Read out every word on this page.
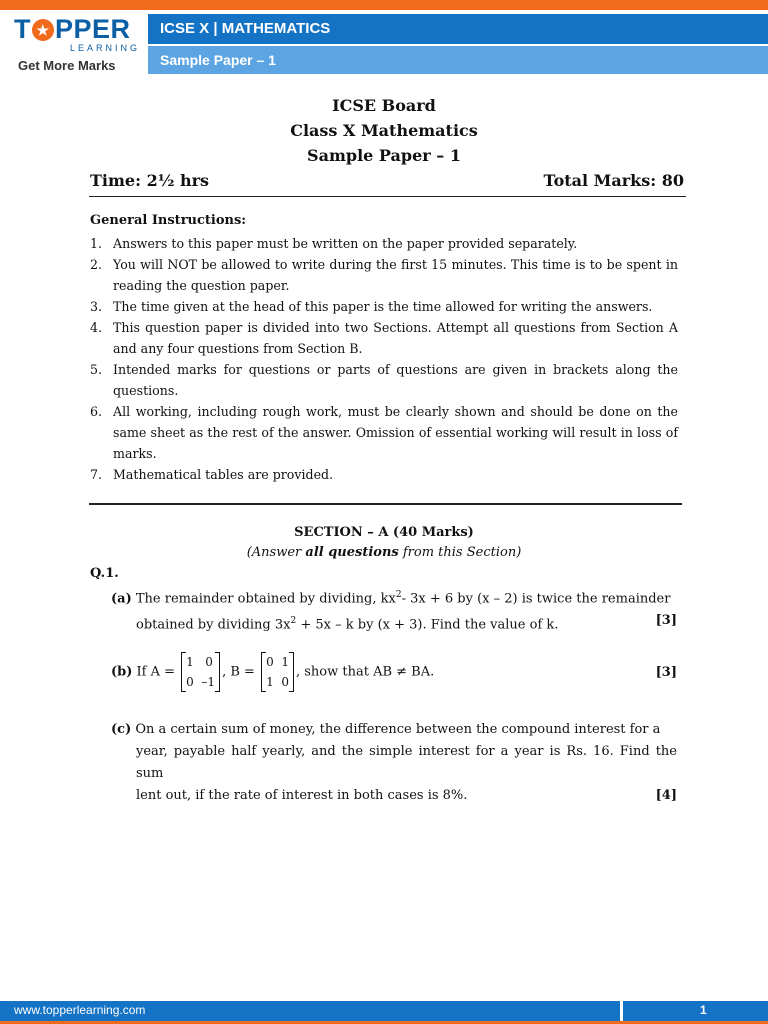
T ★ PPER
LEARNING
Get More Marks
ICSE X | MATHEMATICS
Sample Paper – 1
ICSE Board
Class X Mathematics
Sample Paper – 1
Time: 2½ hrs	Total Marks: 80
General Instructions:
1. Answers to this paper must be written on the paper provided separately.
2. You will NOT be allowed to write during the first 15 minutes. This time is to be spent in reading the question paper.
3. The time given at the head of this paper is the time allowed for writing the answers.
4. This question paper is divided into two Sections. Attempt all questions from Section A and any four questions from Section B.
5. Intended marks for questions or parts of questions are given in brackets along the questions.
6. All working, including rough work, must be clearly shown and should be done on the same sheet as the rest of the answer. Omission of essential working will result in loss of marks.
7. Mathematical tables are provided.
SECTION – A (40 Marks)
(Answer all questions from this Section)
Q.1.
(a) The remainder obtained by dividing, $kx^2-$ 3x + 6 by (x – 2) is twice the remainder
obtained by dividing $3x^2 + 5x - k$ by (x + 3). Find the value of k.	[3]
(b) If A =
1   0
0  –1
, B =
0  1
1  0
, show that AB ≠ BA.	[3]
(c) On a certain sum of money, the difference between the compound interest for a
year, payable half yearly, and the simple interest for a year is Rs. 16. Find the sum
lent out, if the rate of interest in both cases is 8%.	[4]
www.topperlearning.com	1
